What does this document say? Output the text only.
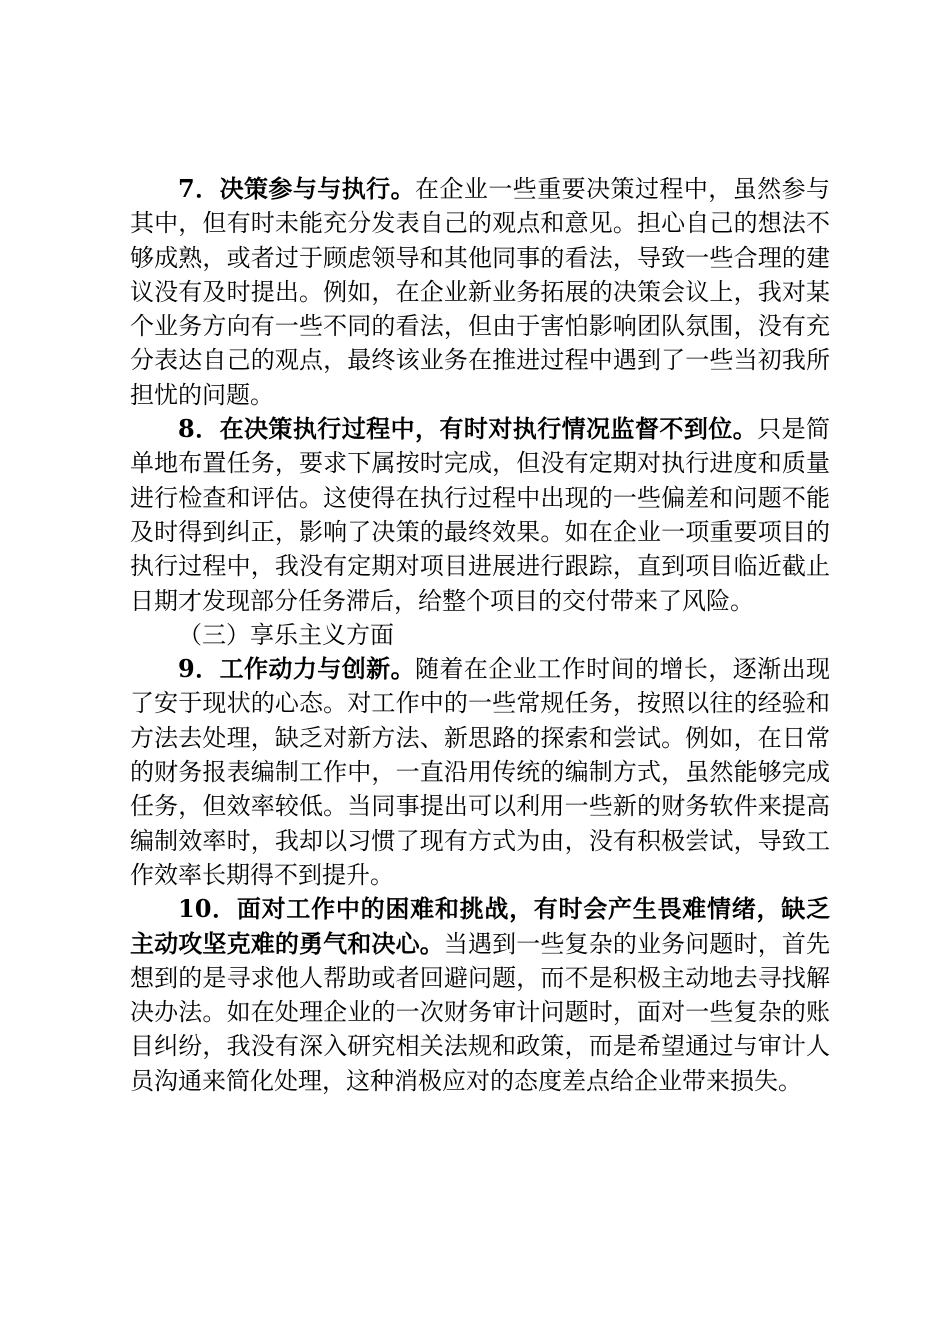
7．决策参与与执行。在企业一些重要决策过程中，虽然参与其中，但有时未能充分发表自己的观点和意见。担心自己的想法不够成熟，或者过于顾虑领导和其他同事的看法，导致一些合理的建议没有及时提出。例如，在企业新业务拓展的决策会议上，我对某个业务方向有一些不同的看法，但由于害怕影响团队氛围，没有充分表达自己的观点，最终该业务在推进过程中遇到了一些当初我所担忧的问题。

8．在决策执行过程中，有时对执行情况监督不到位。只是简单地布置任务，要求下属按时完成，但没有定期对执行进度和质量进行检查和评估。这使得在执行过程中出现的一些偏差和问题不能及时得到纠正，影响了决策的最终效果。如在企业一项重要项目的执行过程中，我没有定期对项目进展进行跟踪，直到项目临近截止日期才发现部分任务滞后，给整个项目的交付带来了风险。

（三）享乐主义方面

9．工作动力与创新。随着在企业工作时间的增长，逐渐出现了安于现状的心态。对工作中的一些常规任务，按照以往的经验和方法去处理，缺乏对新方法、新思路的探索和尝试。例如，在日常的财务报表编制工作中，一直沿用传统的编制方式，虽然能够完成任务，但效率较低。当同事提出可以利用一些新的财务软件来提高编制效率时，我却以习惯了现有方式为由，没有积极尝试，导致工作效率长期得不到提升。

10．面对工作中的困难和挑战，有时会产生畏难情绪，缺乏主动攻坚克难的勇气和决心。当遇到一些复杂的业务问题时，首先想到的是寻求他人帮助或者回避问题，而不是积极主动地去寻找解决办法。如在处理企业的一次财务审计问题时，面对一些复杂的账目纠纷，我没有深入研究相关法规和政策，而是希望通过与审计人员沟通来简化处理，这种消极应对的态度差点给企业带来损失。
